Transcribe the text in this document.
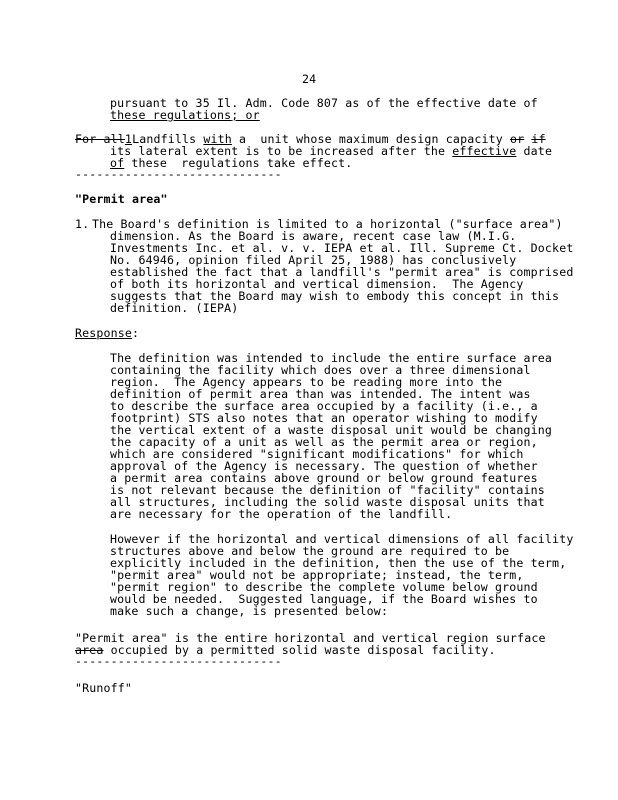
24
pursuant to 35 Il. Adm. Code 807 as of the effective date of
these regulations; or
For all1Landfills with a  unit whose maximum design capacity or if
its lateral extent is to be increased after the effective date
of these  regulations take effect.
-----------------------------
"Permit area"
1. The Board's definition is limited to a horizontal ("surface area")
dimension. As the Board is aware, recent case law (M.I.G.
Investments Inc. et al. v. v. IEPA et al. Ill. Supreme Ct. Docket
No. 64946, opinion filed April 25, 1988) has conclusively
established the fact that a landfill's "permit area" is comprised
of both its horizontal and vertical dimension.  The Agency
suggests that the Board may wish to embody this concept in this
definition. (IEPA)
Response:
The definition was intended to include the entire surface area
containing the facility which does over a three dimensional
region.  The Agency appears to be reading more into the
definition of permit area than was intended. The intent was
to describe the surface area occupied by a facility (i.e., a
footprint) STS also notes that an operator wishing to modify
the vertical extent of a waste disposal unit would be changing
the capacity of a unit as well as the permit area or region,
which are considered "significant modifications" for which
approval of the Agency is necessary. The question of whether
a permit area contains above ground or below ground features
is not relevant because the definition of "facility" contains
all structures, including the solid waste disposal units that
are necessary for the operation of the landfill.
However if the horizontal and vertical dimensions of all facility
structures above and below the ground are required to be
explicitly included in the definition, then the use of the term,
"permit area" would not be appropriate; instead, the term,
"permit region" to describe the complete volume below ground
would be needed.  Suggested language, if the Board wishes to
make such a change, is presented below:
"Permit area" is the entire horizontal and vertical region surface
area occupied by a permitted solid waste disposal facility.
-----------------------------
"Runoff"
